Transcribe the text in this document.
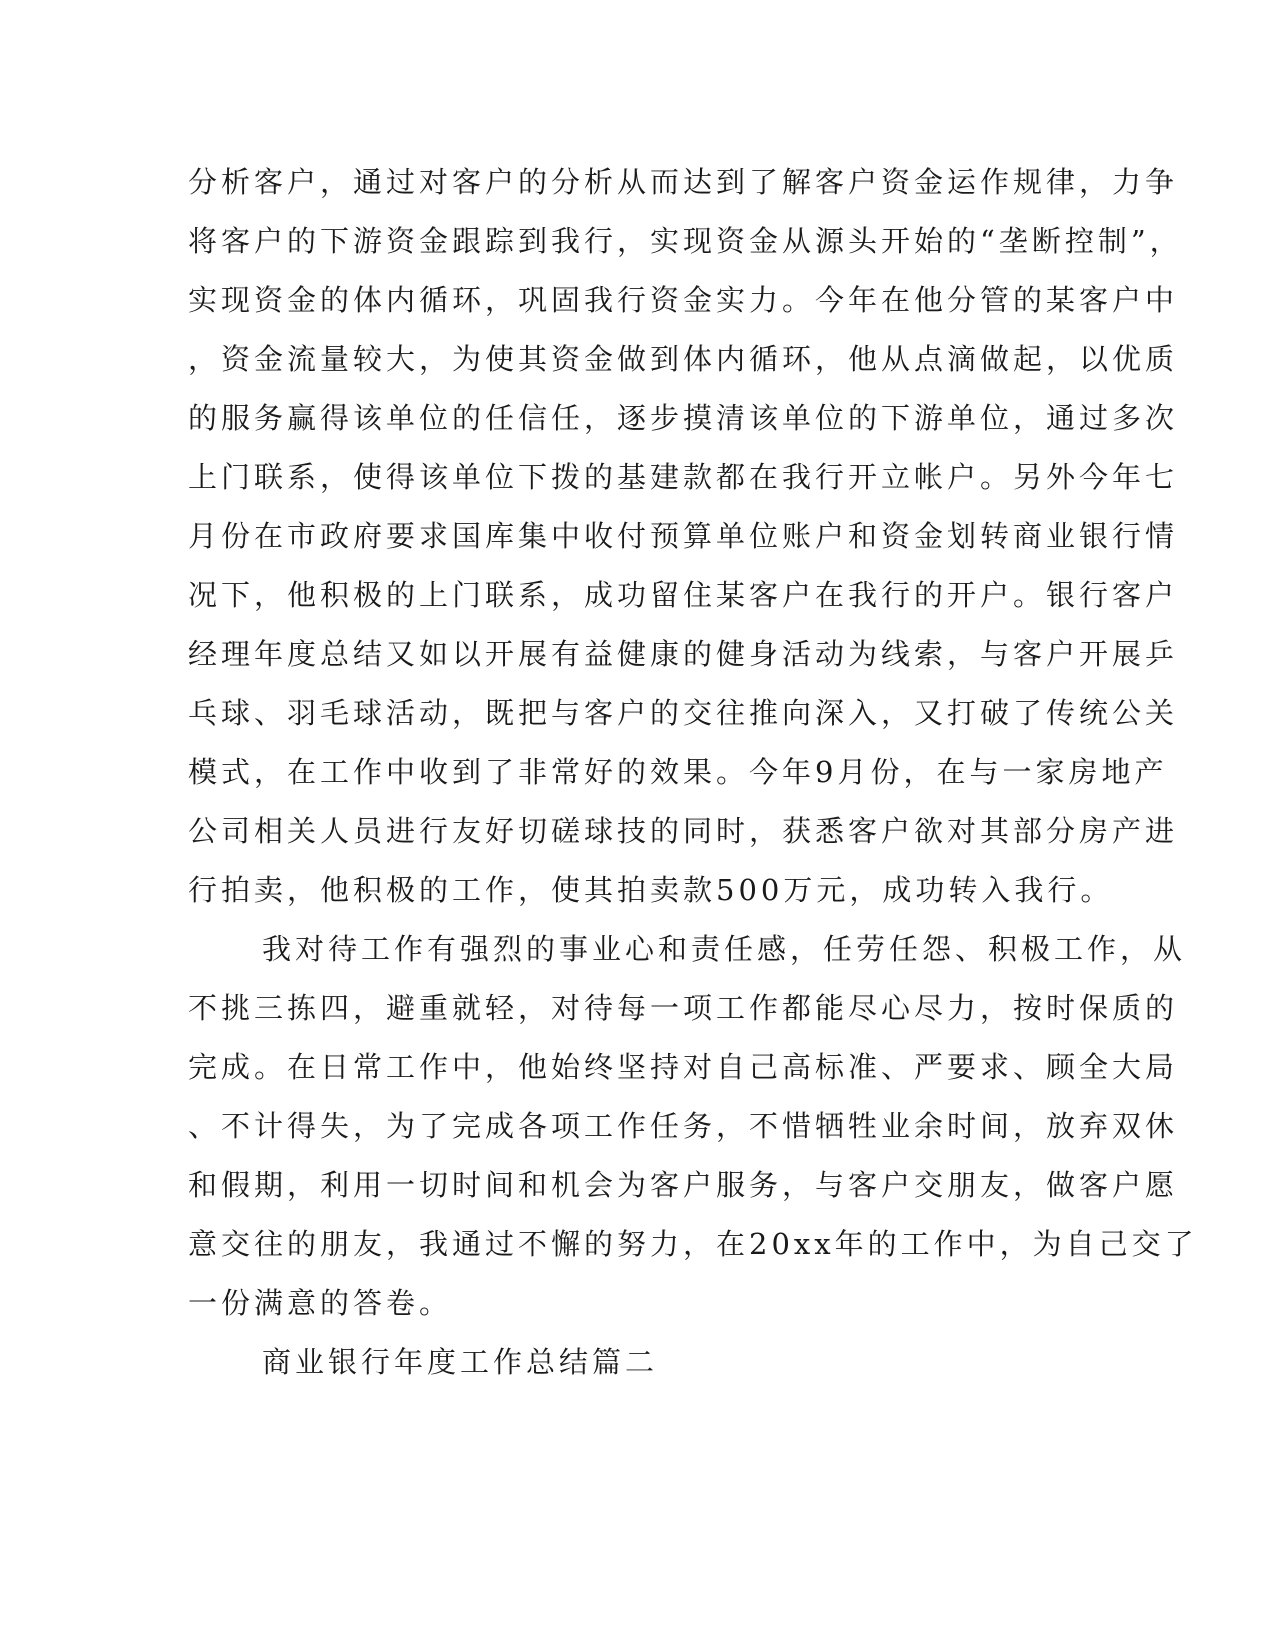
分析客户，通过对客户的分析从而达到了解客户资金运作规律，力争
将客户的下游资金跟踪到我行，实现资金从源头开始的“垄断控制”，
实现资金的体内循环，巩固我行资金实力。今年在他分管的某客户中
，资金流量较大，为使其资金做到体内循环，他从点滴做起，以优质
的服务赢得该单位的任信任，逐步摸清该单位的下游单位，通过多次
上门联系，使得该单位下拨的基建款都在我行开立帐户。另外今年七
月份在市政府要求国库集中收付预算单位账户和资金划转商业银行情
况下，他积极的上门联系，成功留住某客户在我行的开户。银行客户
经理年度总结又如以开展有益健康的健身活动为线索，与客户开展乒
乓球、羽毛球活动，既把与客户的交往推向深入，又打破了传统公关
模式，在工作中收到了非常好的效果。今年9月份，在与一家房地产
公司相关人员进行友好切磋球技的同时，获悉客户欲对其部分房产进
行拍卖，他积极的工作，使其拍卖款500万元，成功转入我行。
我对待工作有强烈的事业心和责任感，任劳任怨、积极工作，从
不挑三拣四，避重就轻，对待每一项工作都能尽心尽力，按时保质的
完成。在日常工作中，他始终坚持对自己高标准、严要求、顾全大局
、不计得失，为了完成各项工作任务，不惜牺牲业余时间，放弃双休
和假期，利用一切时间和机会为客户服务，与客户交朋友，做客户愿
意交往的朋友，我通过不懈的努力，在20xx年的工作中，为自己交了
一份满意的答卷。
商业银行年度工作总结篇二
